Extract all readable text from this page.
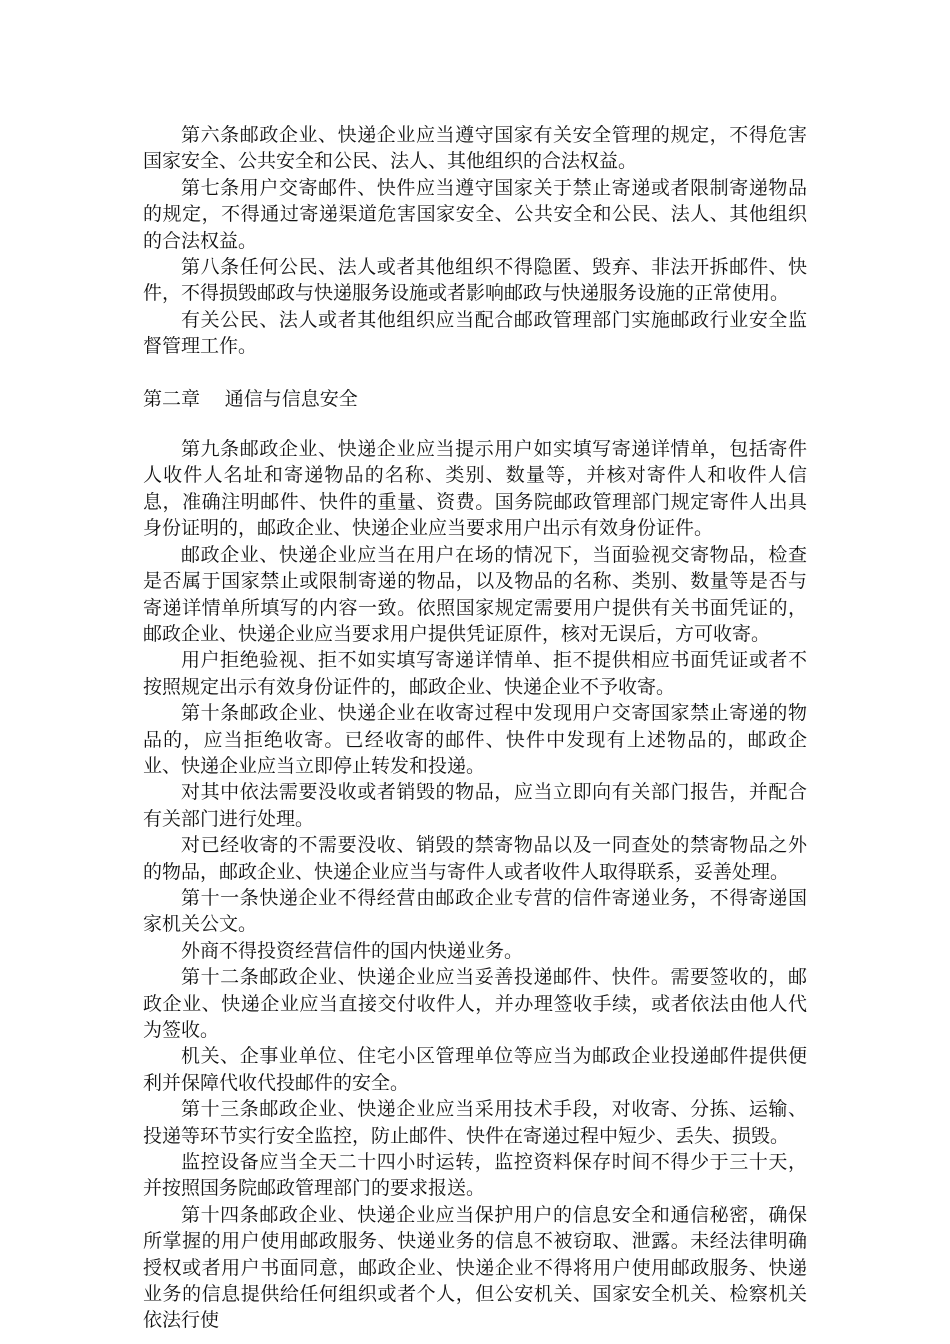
第六条邮政企业、快递企业应当遵守国家有关安全管理的规定，不得危害国家安全、公共安全和公民、法人、其他组织的合法权益。

第七条用户交寄邮件、快件应当遵守国家关于禁止寄递或者限制寄递物品的规定，不得通过寄递渠道危害国家安全、公共安全和公民、法人、其他组织的合法权益。

第八条任何公民、法人或者其他组织不得隐匿、毁弃、非法开拆邮件、快件，不得损毁邮政与快递服务设施或者影响邮政与快递服务设施的正常使用。

有关公民、法人或者其他组织应当配合邮政管理部门实施邮政行业安全监督管理工作。

第二章 通信与信息安全

第九条邮政企业、快递企业应当提示用户如实填写寄递详情单，包括寄件人收件人名址和寄递物品的名称、类别、数量等，并核对寄件人和收件人信息，准确注明邮件、快件的重量、资费。国务院邮政管理部门规定寄件人出具身份证明的，邮政企业、快递企业应当要求用户出示有效身份证件。

邮政企业、快递企业应当在用户在场的情况下，当面验视交寄物品，检查是否属于国家禁止或限制寄递的物品，以及物品的名称、类别、数量等是否与寄递详情单所填写的内容一致。依照国家规定需要用户提供有关书面凭证的，邮政企业、快递企业应当要求用户提供凭证原件，核对无误后，方可收寄。

用户拒绝验视、拒不如实填写寄递详情单、拒不提供相应书面凭证或者不按照规定出示有效身份证件的，邮政企业、快递企业不予收寄。

第十条邮政企业、快递企业在收寄过程中发现用户交寄国家禁止寄递的物品的，应当拒绝收寄。已经收寄的邮件、快件中发现有上述物品的，邮政企业、快递企业应当立即停止转发和投递。

对其中依法需要没收或者销毁的物品，应当立即向有关部门报告，并配合有关部门进行处理。

对已经收寄的不需要没收、销毁的禁寄物品以及一同查处的禁寄物品之外的物品，邮政企业、快递企业应当与寄件人或者收件人取得联系，妥善处理。

第十一条快递企业不得经营由邮政企业专营的信件寄递业务，不得寄递国家机关公文。

外商不得投资经营信件的国内快递业务。

第十二条邮政企业、快递企业应当妥善投递邮件、快件。需要签收的，邮政企业、快递企业应当直接交付收件人，并办理签收手续，或者依法由他人代为签收。

机关、企事业单位、住宅小区管理单位等应当为邮政企业投递邮件提供便利并保障代收代投邮件的安全。

第十三条邮政企业、快递企业应当采用技术手段，对收寄、分拣、运输、投递等环节实行安全监控，防止邮件、快件在寄递过程中短少、丢失、损毁。

监控设备应当全天二十四小时运转，监控资料保存时间不得少于三十天，并按照国务院邮政管理部门的要求报送。

第十四条邮政企业、快递企业应当保护用户的信息安全和通信秘密，确保所掌握的用户使用邮政服务、快递业务的信息不被窃取、泄露。未经法律明确授权或者用户书面同意，邮政企业、快递企业不得将用户使用邮政服务、快递业务的信息提供给任何组织或者个人，但公安机关、国家安全机关、检察机关依法行使
